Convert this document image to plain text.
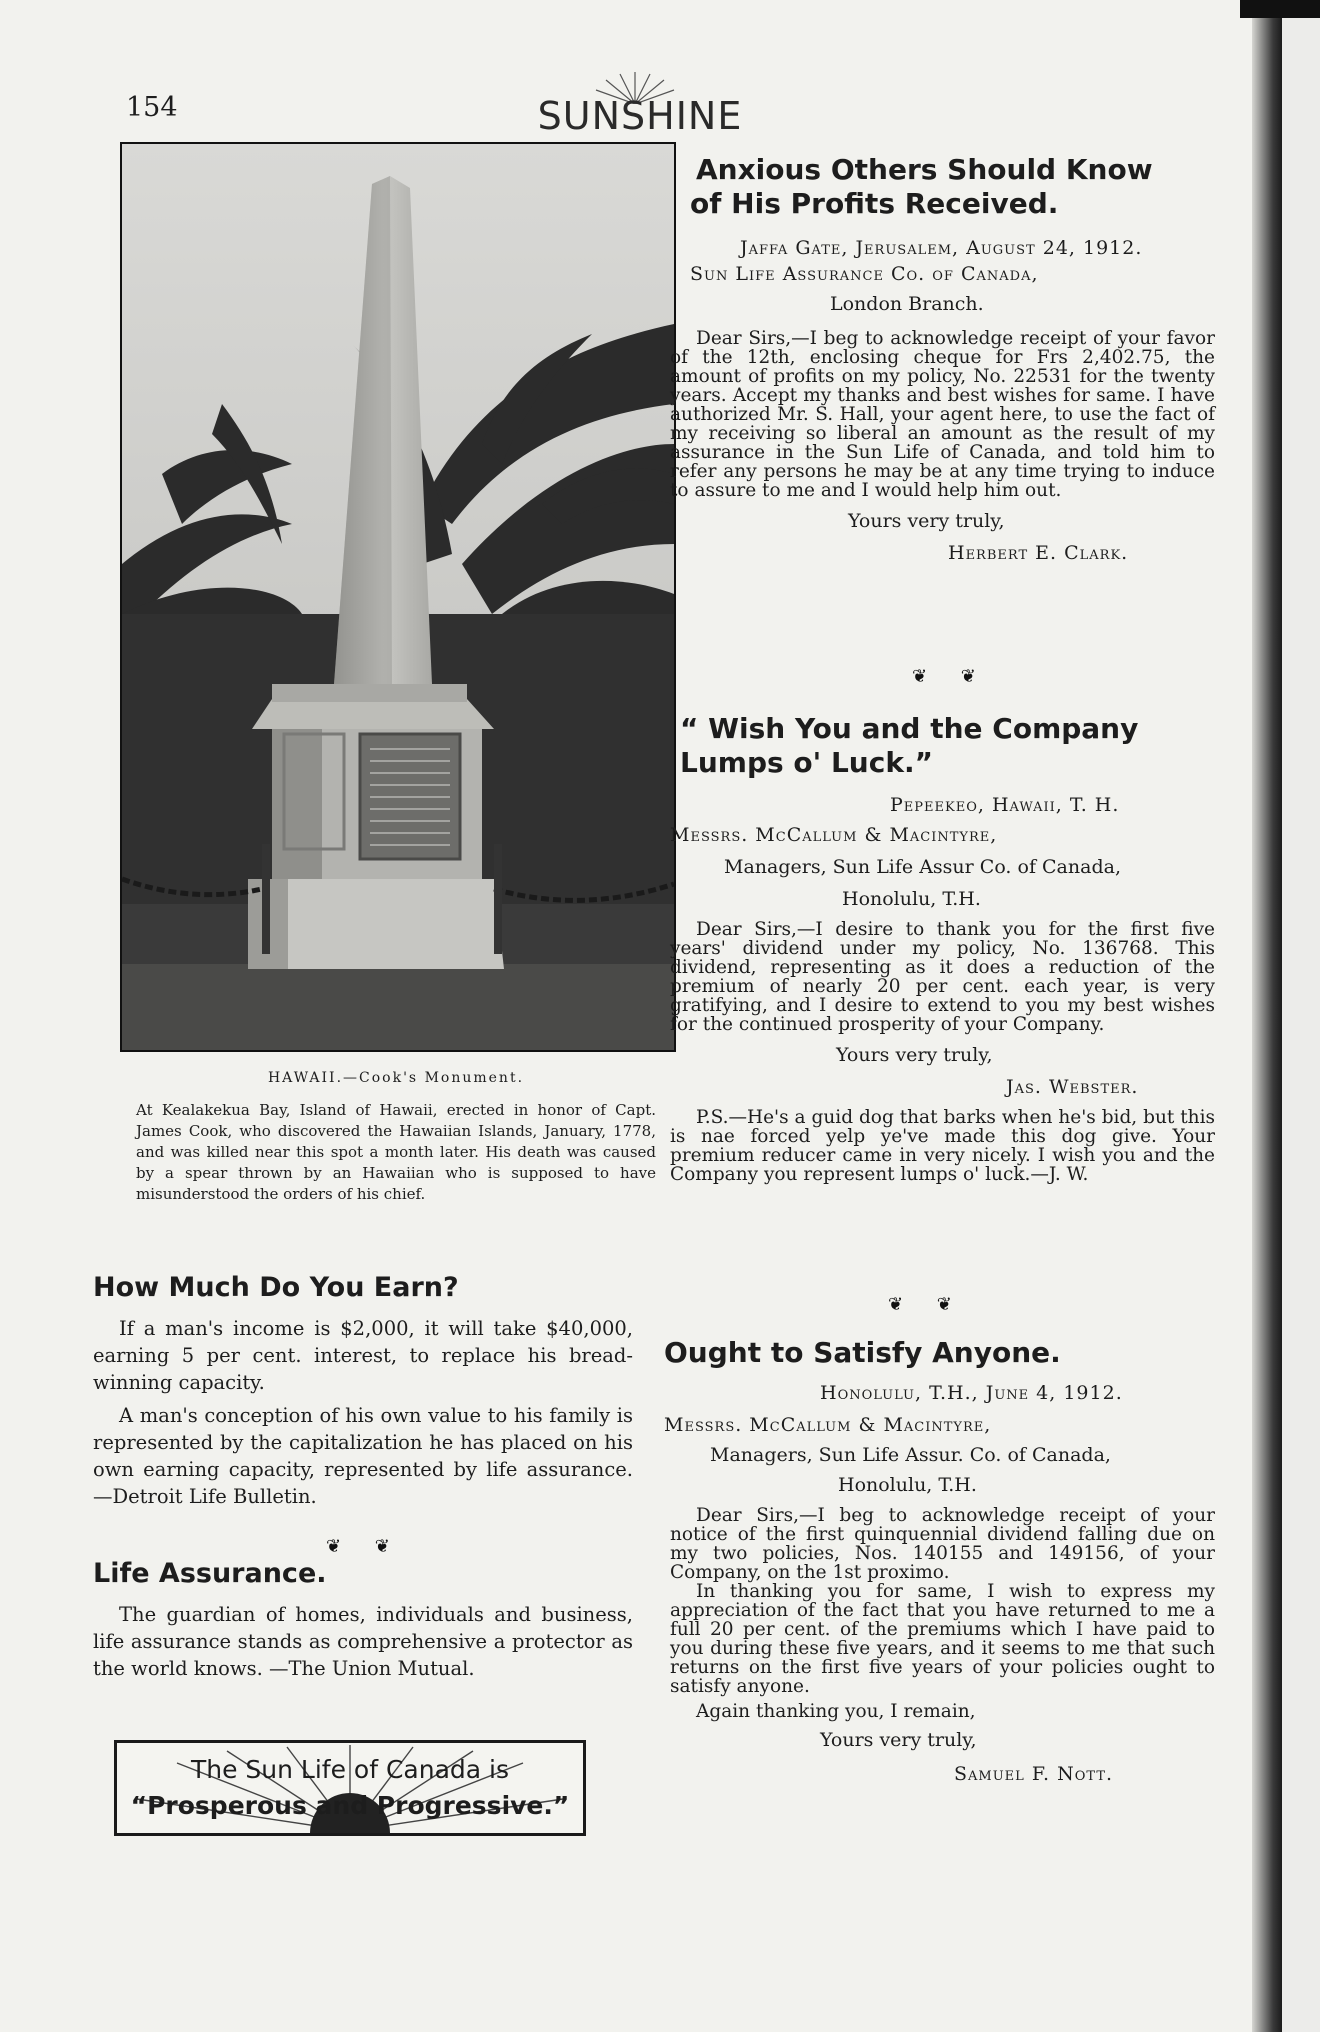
154	SUNSHINE
HAWAII.—Cook's Monument.
At Kealakekua Bay, Island of Hawaii, erected in honor of Capt. James Cook, who discovered the Hawaiian Islands, January, 1778, and was killed near this spot a month later. His death was caused by a spear thrown by an Hawaiian who is supposed to have misunderstood the orders of his chief.
How Much Do You Earn?

If a man's income is $2,000, it will take $40,000, earning 5 per cent. interest, to replace his bread-winning capacity.

A man's conception of his own value to his family is represented by the capitalization he has placed on his own earning capacity, represented by life assurance.—Detroit Life Bulletin.

❦ ❦
Life Assurance.

The guardian of homes, individuals and business, life assurance stands as comprehensive a protector as the world knows. —The Union Mutual.

The Sun Life of Canada is
“Prosperous and Progressive.”
Anxious Others Should Know
of His Profits Received.

Jaffa Gate, Jerusalem, August 24, 1912.

Sun Life Assurance Co. of Canada,

London Branch.

Dear Sirs,—I beg to acknowledge receipt of your favor of the 12th, enclosing cheque for Frs 2,402.75, the amount of profits on my policy, No. 22531 for the twenty years. Accept my thanks and best wishes for same. I have authorized Mr. S. Hall, your agent here, to use the fact of my receiving so liberal an amount as the result of my assurance in the Sun Life of Canada, and told him to refer any persons he may be at any time trying to induce to assure to me and I would help him out.

Yours very truly,

Herbert E. Clark.

❦ ❦
“ Wish You and the Company
Lumps o' Luck.”

Pepeekeo, Hawaii, T. H.

Messrs. McCallum & Macintyre,

Managers, Sun Life Assur Co. of Canada,

Honolulu, T.H.

Dear Sirs,—I desire to thank you for the first five years' dividend under my policy, No. 136768. This dividend, representing as it does a reduction of the premium of nearly 20 per cent. each year, is very gratifying, and I desire to extend to you my best wishes for the continued prosperity of your Company.

Yours very truly,

Jas. Webster.

P.S.—He's a guid dog that barks when he's bid, but this is nae forced yelp ye've made this dog give. Your premium reducer came in very nicely. I wish you and the Company you represent lumps o' luck.—J. W.

❦ ❦
Ought to Satisfy Anyone.

Honolulu, T.H., June 4, 1912.

Messrs. McCallum & Macintyre,

Managers, Sun Life Assur. Co. of Canada,

Honolulu, T.H.

Dear Sirs,—I beg to acknowledge receipt of your notice of the first quinquennial dividend falling due on my two policies, Nos. 140155 and 149156, of your Company, on the 1st proximo.

In thanking you for same, I wish to express my appreciation of the fact that you have returned to me a full 20 per cent. of the premiums which I have paid to you during these five years, and it seems to me that such returns on the first five years of your policies ought to satisfy anyone.

Again thanking you, I remain,

Yours very truly,

Samuel F. Nott.
